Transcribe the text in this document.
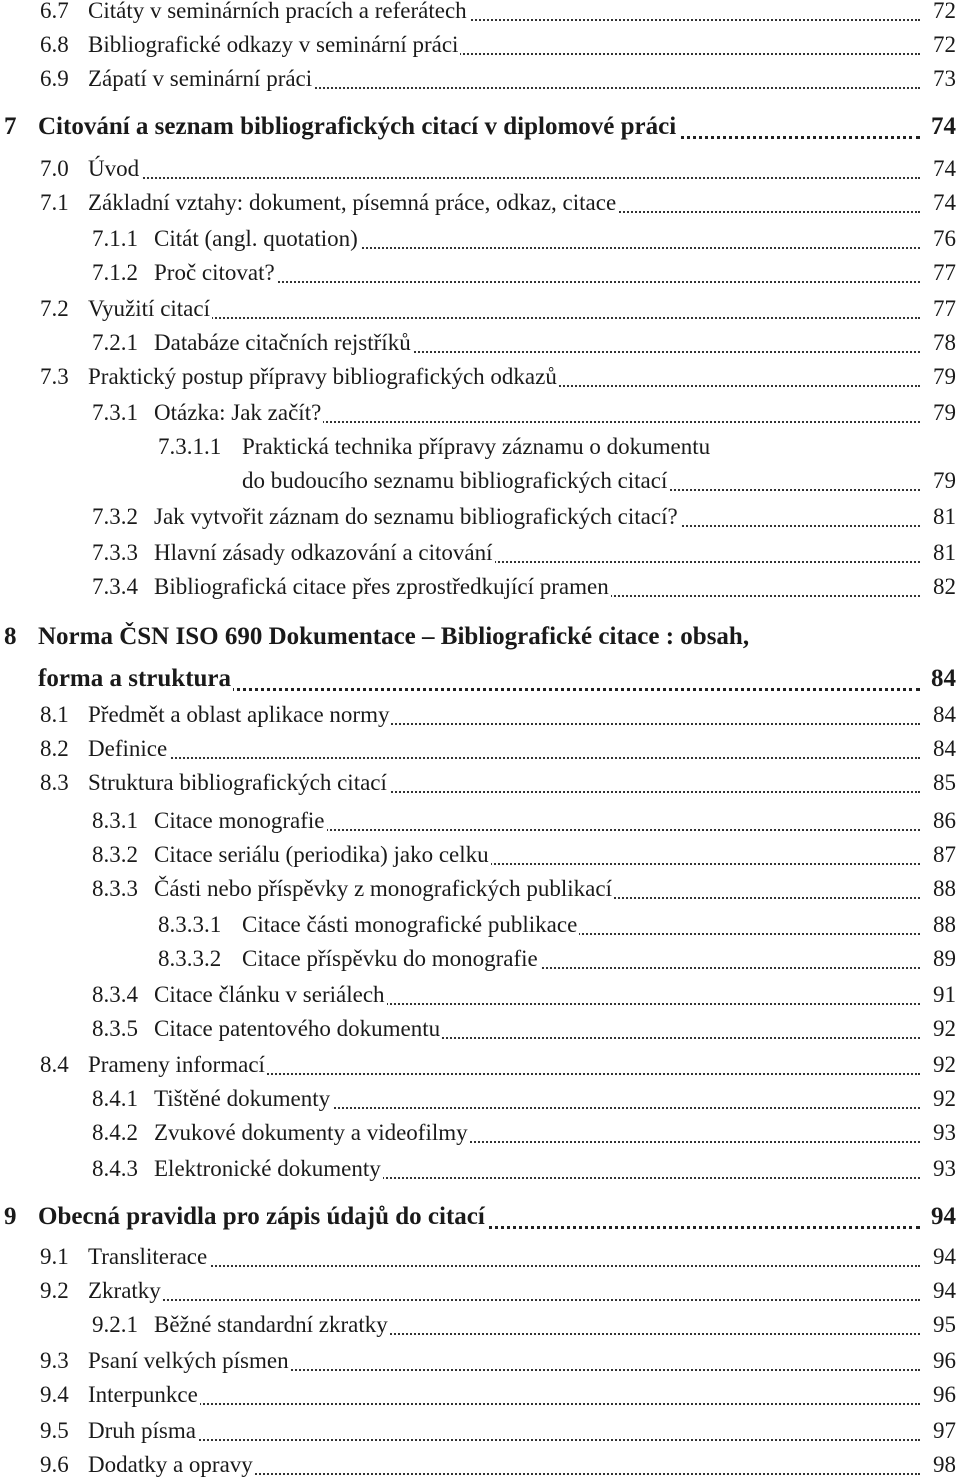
6.7 Citáty v seminárních pracích a referátech	72
6.8 Bibliografické odkazy v seminární práci	72
6.9 Zápatí v seminární práci	73
7 Citování a seznam bibliografických citací v diplomové práci	74
7.0 Úvod	74
7.1 Základní vztahy: dokument, písemná práce, odkaz, citace	74
7.1.1 Citát (angl. quotation)	76
7.1.2 Proč citovat?	77
7.2 Využití citací	77
7.2.1 Databáze citačních rejstříků	78
7.3 Praktický postup přípravy bibliografických odkazů	79
7.3.1 Otázka: Jak začít?	79
7.3.1.1 Praktická technika přípravy záznamu o dokumentu
do budoucího seznamu bibliografických citací	79
7.3.2 Jak vytvořit záznam do seznamu bibliografických citací?	81
7.3.3 Hlavní zásady odkazování a citování	81
7.3.4 Bibliografická citace přes zprostředkující pramen	82
8 Norma ČSN ISO 690 Dokumentace – Bibliografické citace : obsah,
forma a struktura	84
8.1 Předmět a oblast aplikace normy	84
8.2 Definice	84
8.3 Struktura bibliografických citací	85
8.3.1 Citace monografie	86
8.3.2 Citace seriálu (periodika) jako celku	87
8.3.3 Části nebo příspěvky z monografických publikací	88
8.3.3.1 Citace části monografické publikace	88
8.3.3.2 Citace příspěvku do monografie	89
8.3.4 Citace článku v seriálech	91
8.3.5 Citace patentového dokumentu	92
8.4 Prameny informací	92
8.4.1 Tištěné dokumenty	92
8.4.2 Zvukové dokumenty a videofilmy	93
8.4.3 Elektronické dokumenty	93
9 Obecná pravidla pro zápis údajů do citací	94
9.1 Transliterace	94
9.2 Zkratky	94
9.2.1 Běžné standardní zkratky	95
9.3 Psaní velkých písmen	96
9.4 Interpunkce	96
9.5 Druh písma	97
9.6 Dodatky a opravy	98
